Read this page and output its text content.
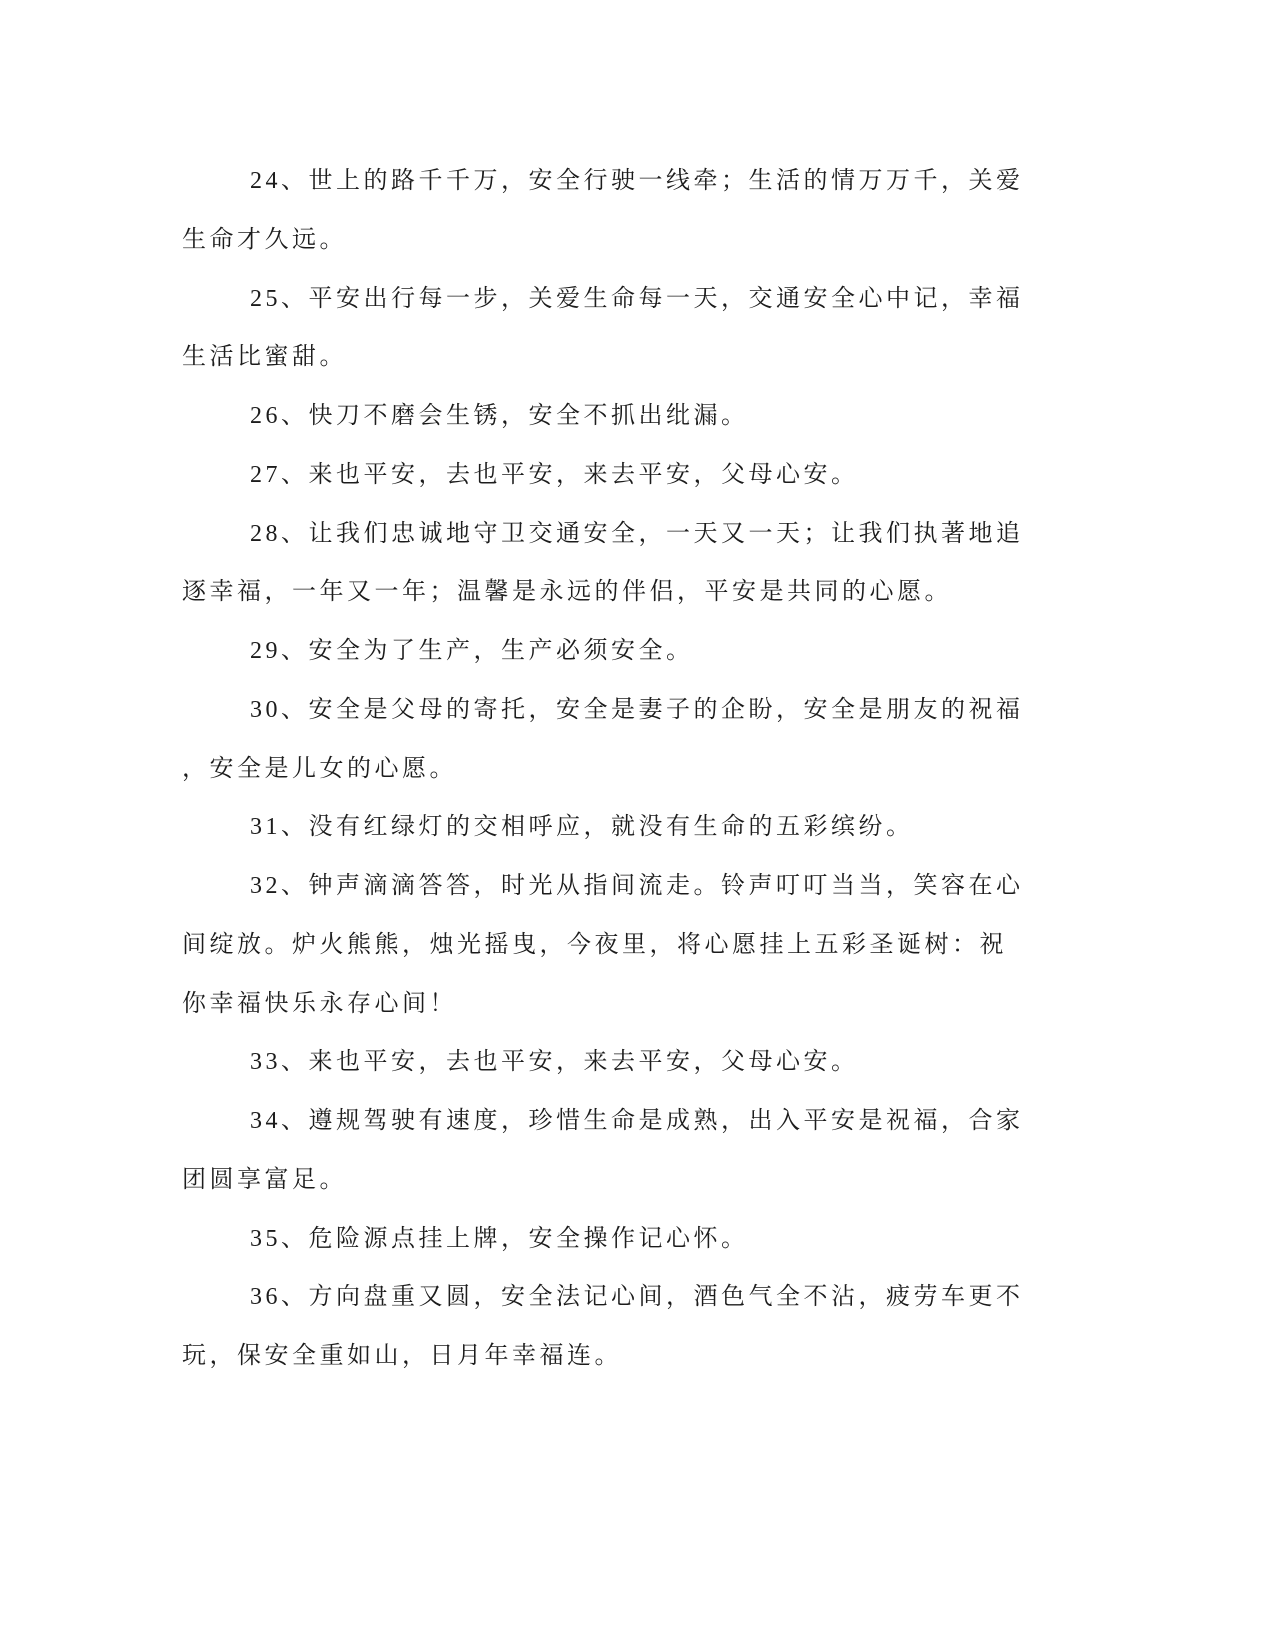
24、世上的路千千万，安全行驶一线牵；生活的情万万千，关爱
生命才久远。

25、平安出行每一步，关爱生命每一天，交通安全心中记，幸福
生活比蜜甜。

26、快刀不磨会生锈，安全不抓出纰漏。

27、来也平安，去也平安，来去平安，父母心安。

28、让我们忠诚地守卫交通安全，一天又一天；让我们执著地追
逐幸福，一年又一年；温馨是永远的伴侣，平安是共同的心愿。

29、安全为了生产，生产必须安全。

30、安全是父母的寄托，安全是妻子的企盼，安全是朋友的祝福
，安全是儿女的心愿。

31、没有红绿灯的交相呼应，就没有生命的五彩缤纷。

32、钟声滴滴答答，时光从指间流走。铃声叮叮当当，笑容在心
间绽放。炉火熊熊，烛光摇曳，今夜里，将心愿挂上五彩圣诞树：祝
你幸福快乐永存心间！

33、来也平安，去也平安，来去平安，父母心安。

34、遵规驾驶有速度，珍惜生命是成熟，出入平安是祝福，合家
团圆享富足。

35、危险源点挂上牌，安全操作记心怀。

36、方向盘重又圆，安全法记心间，酒色气全不沾，疲劳车更不
玩，保安全重如山，日月年幸福连。
